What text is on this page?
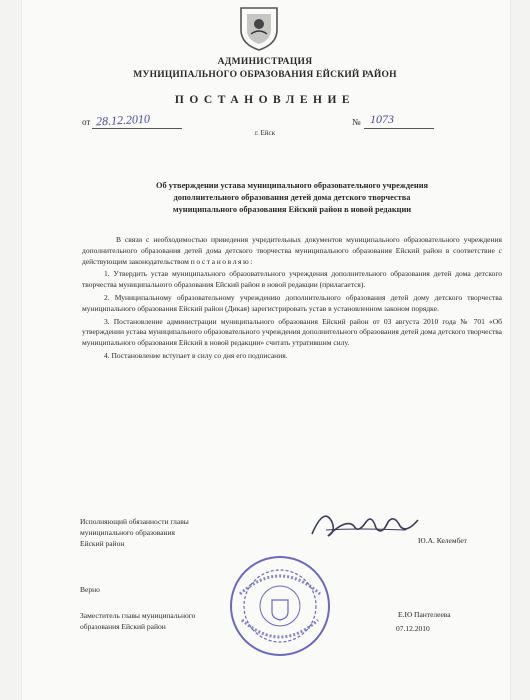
АДМИНИСТРАЦИЯ
МУНИЦИПАЛЬНОГО ОБРАЗОВАНИЯ ЕЙСКИЙ РАЙОН
ПОСТАНОВЛЕНИЕ
от 28.12.2010	№ 1073
г. Ейск
Об утверждении устава муниципального образовательного учреждения
дополнительного образования детей дома детского творчества
муниципального образования Ейский район в новой редакции

В связи с необходимостью приведения учредительных документов муниципального образовательного учреждения дополнительного образования детей дома детского творчества муниципального образования Ейский район в соответствие с действующим законодательством постановляю:

1. Утвердить устав муниципального образовательного учреждения дополнительного образования детей дома детского творчества муниципального образования Ейский район в новой редакции (прилагается).

2. Муниципальному образовательному учреждению дополнительного образования детей дому детского творчества муниципального образования Ейский район (Дикая) зарегистрировать устав в установленном законом порядке.

3. Постановление администрации муниципального образования Ейский район от 03 августа 2010 года № 701 «Об утверждении устава муниципального образовательного учреждения дополнительного образования детей дома детского творчества муниципального образования Ейский в новой редакции» считать утратившим силу.

4. Постановление вступает в силу со дня его подписания.

Исполняющий обязанности главы
муниципального образования
Ейский район	Ю.А. Келембет
Верно
Заместитель главы муниципального
образования Ейский район
Е.Ю Пантелеева
07.12.2010
